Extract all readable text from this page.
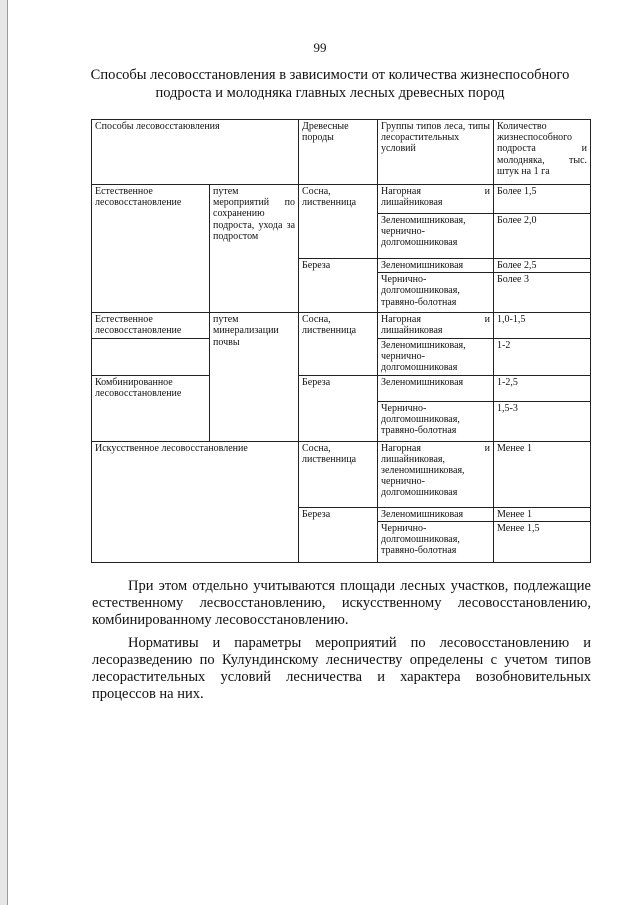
99
Способы лесовосстановления в зависимости от количества жизнеспособного
подроста и молодняка главных лесных древесных пород
Способы лесовосстаювления		Древесные породы	Группы типов леса, типы лесорастительных условий	Количество жизнеспособного подроста и молодняка, тыс. штук на 1 га
Естественное лесовосстановление	путем мероприятий по сохранению подроста, ухода за подростом	Сосна, лиственница	Нагорная и лишайниковая	Более 1,5
			Зеленомишниковая, чернично-долгомошниковая	Более 2,0
		Береза	Зеленомишниковая	Более 2,5
			Чернично-долгомошниковая, травяно-болотная	Более 3
Естественное лесовосстановление	путем минерализации почвы	Сосна, лиственница	Нагорная и лишайниковая	1,0-1,5
			Зеленомишниковая, чернично-долгомошниковая	1-2
Комбинированное лесовосстановление		Береза	Зеленомишниковая	1-2,5
			Чернично-долгомошниковая, травяно-болотная	1,5-3
Искусственное лесовосстановление		Сосна, лиственница	Нагорная и лишайниковая, зеленомишниковая, чернично-долгомошниковая	Менее 1
		Береза	Зеленомишниковая	Менее 1
			Чернично-долгомошниковая, травяно-болотная	Менее 1,5
При этом отдельно учитываются площади лесных участков, подлежащие естественному лесвосстановлению, искусственному лесовосстановлению, комбинированному лесовосстановлению.
Нормативы и параметры мероприятий по лесовосстановлению и лесоразведению по Кулундинскому лесничеству определены с учетом типов лесорастительных условий лесничества и характера возобновительных процессов на них.
